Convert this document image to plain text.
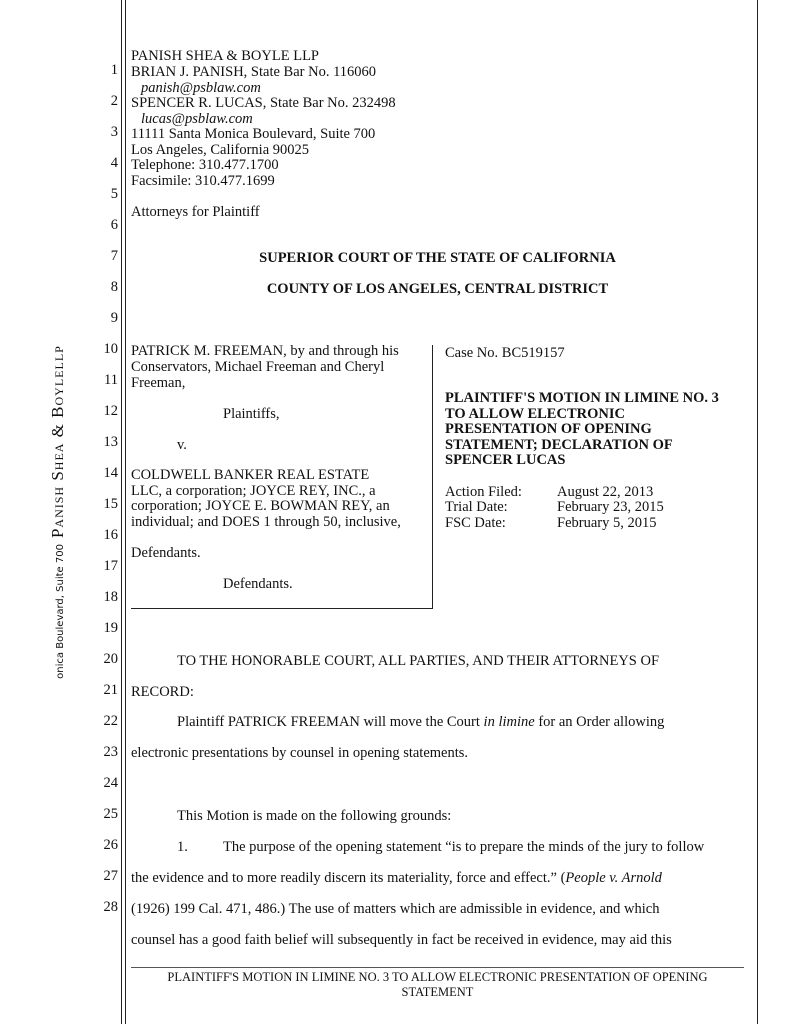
onica Boulevard, Suite 700
Panish Shea & Boylellp
1
2
3
4
5
6
7
8
9
10
11
12
13
14
15
16
17
18
19
20
21
22
23
24
25
26
27
28
PANISH SHEA & BOYLE LLP
BRIAN J. PANISH, State Bar No. 116060
panish@psblaw.com
SPENCER R. LUCAS, State Bar No. 232498
lucas@psblaw.com
11111 Santa Monica Boulevard, Suite 700
Los Angeles, California 90025
Telephone: 310.477.1700
Facsimile: 310.477.1699
Attorneys for Plaintiff
SUPERIOR COURT OF THE STATE OF CALIFORNIA
COUNTY OF LOS ANGELES, CENTRAL DISTRICT
PATRICK M. FREEMAN, by and through his
Conservators, Michael Freeman and Cheryl
Freeman,
Plaintiffs,
v.
COLDWELL BANKER REAL ESTATE
LLC, a corporation; JOYCE REY, INC., a
corporation; JOYCE E. BOWMAN REY, an
individual; and DOES 1 through 50, inclusive,
Defendants.
Defendants.
Case No. BC519157
PLAINTIFF'S MOTION IN LIMINE NO. 3
TO ALLOW ELECTRONIC
PRESENTATION OF OPENING
STATEMENT; DECLARATION OF
SPENCER LUCAS
Action Filed: August 22, 2013
Trial Date:	February 23, 2015
FSC Date:	February 5, 2015
TO THE HONORABLE COURT, ALL PARTIES, AND THEIR ATTORNEYS OF
RECORD:
Plaintiff PATRICK FREEMAN will move the Court in limine for an Order allowing
electronic presentations by counsel in opening statements.
This Motion is made on the following grounds:
1. The purpose of the opening statement “is to prepare the minds of the jury to follow
the evidence and to more readily discern its materiality, force and effect.” (People v. Arnold
(1926) 199 Cal. 471, 486.) The use of matters which are admissible in evidence, and which
counsel has a good faith belief will subsequently in fact be received in evidence, may aid this
PLAINTIFF'S MOTION IN LIMINE NO. 3 TO ALLOW ELECTRONIC PRESENTATION OF OPENING
STATEMENT
